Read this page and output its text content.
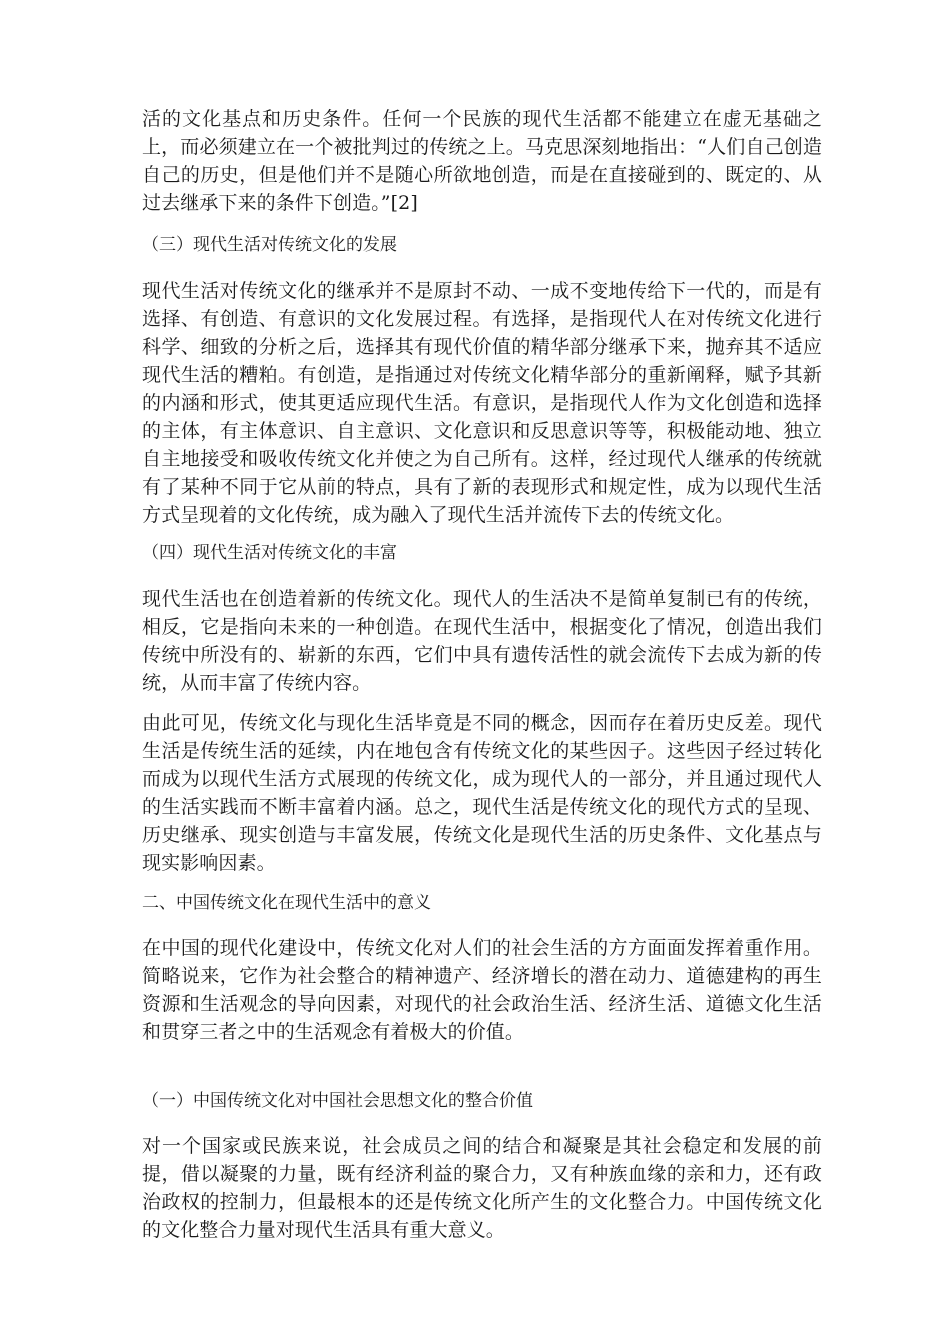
活的文化基点和历史条件。任何一个民族的现代生活都不能建立在虚无基础之上，而必须建立在一个被批判过的传统之上。马克思深刻地指出：“人们自己创造自己的历史，但是他们并不是随心所欲地创造，而是在直接碰到的、既定的、从过去继承下来的条件下创造。”[2]

（三）现代生活对传统文化的发展

现代生活对传统文化的继承并不是原封不动、一成不变地传给下一代的，而是有选择、有创造、有意识的文化发展过程。有选择，是指现代人在对传统文化进行科学、细致的分析之后，选择其有现代价值的精华部分继承下来，抛弃其不适应现代生活的糟粕。有创造，是指通过对传统文化精华部分的重新阐释，赋予其新的内涵和形式，使其更适应现代生活。有意识，是指现代人作为文化创造和选择的主体，有主体意识、自主意识、文化意识和反思意识等等，积极能动地、独立自主地接受和吸收传统文化并使之为自己所有。这样，经过现代人继承的传统就有了某种不同于它从前的特点，具有了新的表现形式和规定性，成为以现代生活方式呈现着的文化传统，成为融入了现代生活并流传下去的传统文化。

（四）现代生活对传统文化的丰富

现代生活也在创造着新的传统文化。现代人的生活决不是简单复制已有的传统，相反，它是指向未来的一种创造。在现代生活中，根据变化了情况，创造出我们传统中所没有的、崭新的东西，它们中具有遗传活性的就会流传下去成为新的传统，从而丰富了传统内容。

由此可见，传统文化与现化生活毕竟是不同的概念，因而存在着历史反差。现代生活是传统生活的延续，内在地包含有传统文化的某些因子。这些因子经过转化而成为以现代生活方式展现的传统文化，成为现代人的一部分，并且通过现代人的生活实践而不断丰富着内涵。总之，现代生活是传统文化的现代方式的呈现、历史继承、现实创造与丰富发展，传统文化是现代生活的历史条件、文化基点与现实影响因素。

二、中国传统文化在现代生活中的意义

在中国的现代化建设中，传统文化对人们的社会生活的方方面面发挥着重作用。简略说来，它作为社会整合的精神遗产、经济增长的潜在动力、道德建构的再生资源和生活观念的导向因素，对现代的社会政治生活、经济生活、道德文化生活和贯穿三者之中的生活观念有着极大的价值。

（一）中国传统文化对中国社会思想文化的整合价值

对一个国家或民族来说，社会成员之间的结合和凝聚是其社会稳定和发展的前提，借以凝聚的力量，既有经济利益的聚合力，又有种族血缘的亲和力，还有政治政权的控制力，但最根本的还是传统文化所产生的文化整合力。中国传统文化的文化整合力量对现代生活具有重大意义。
